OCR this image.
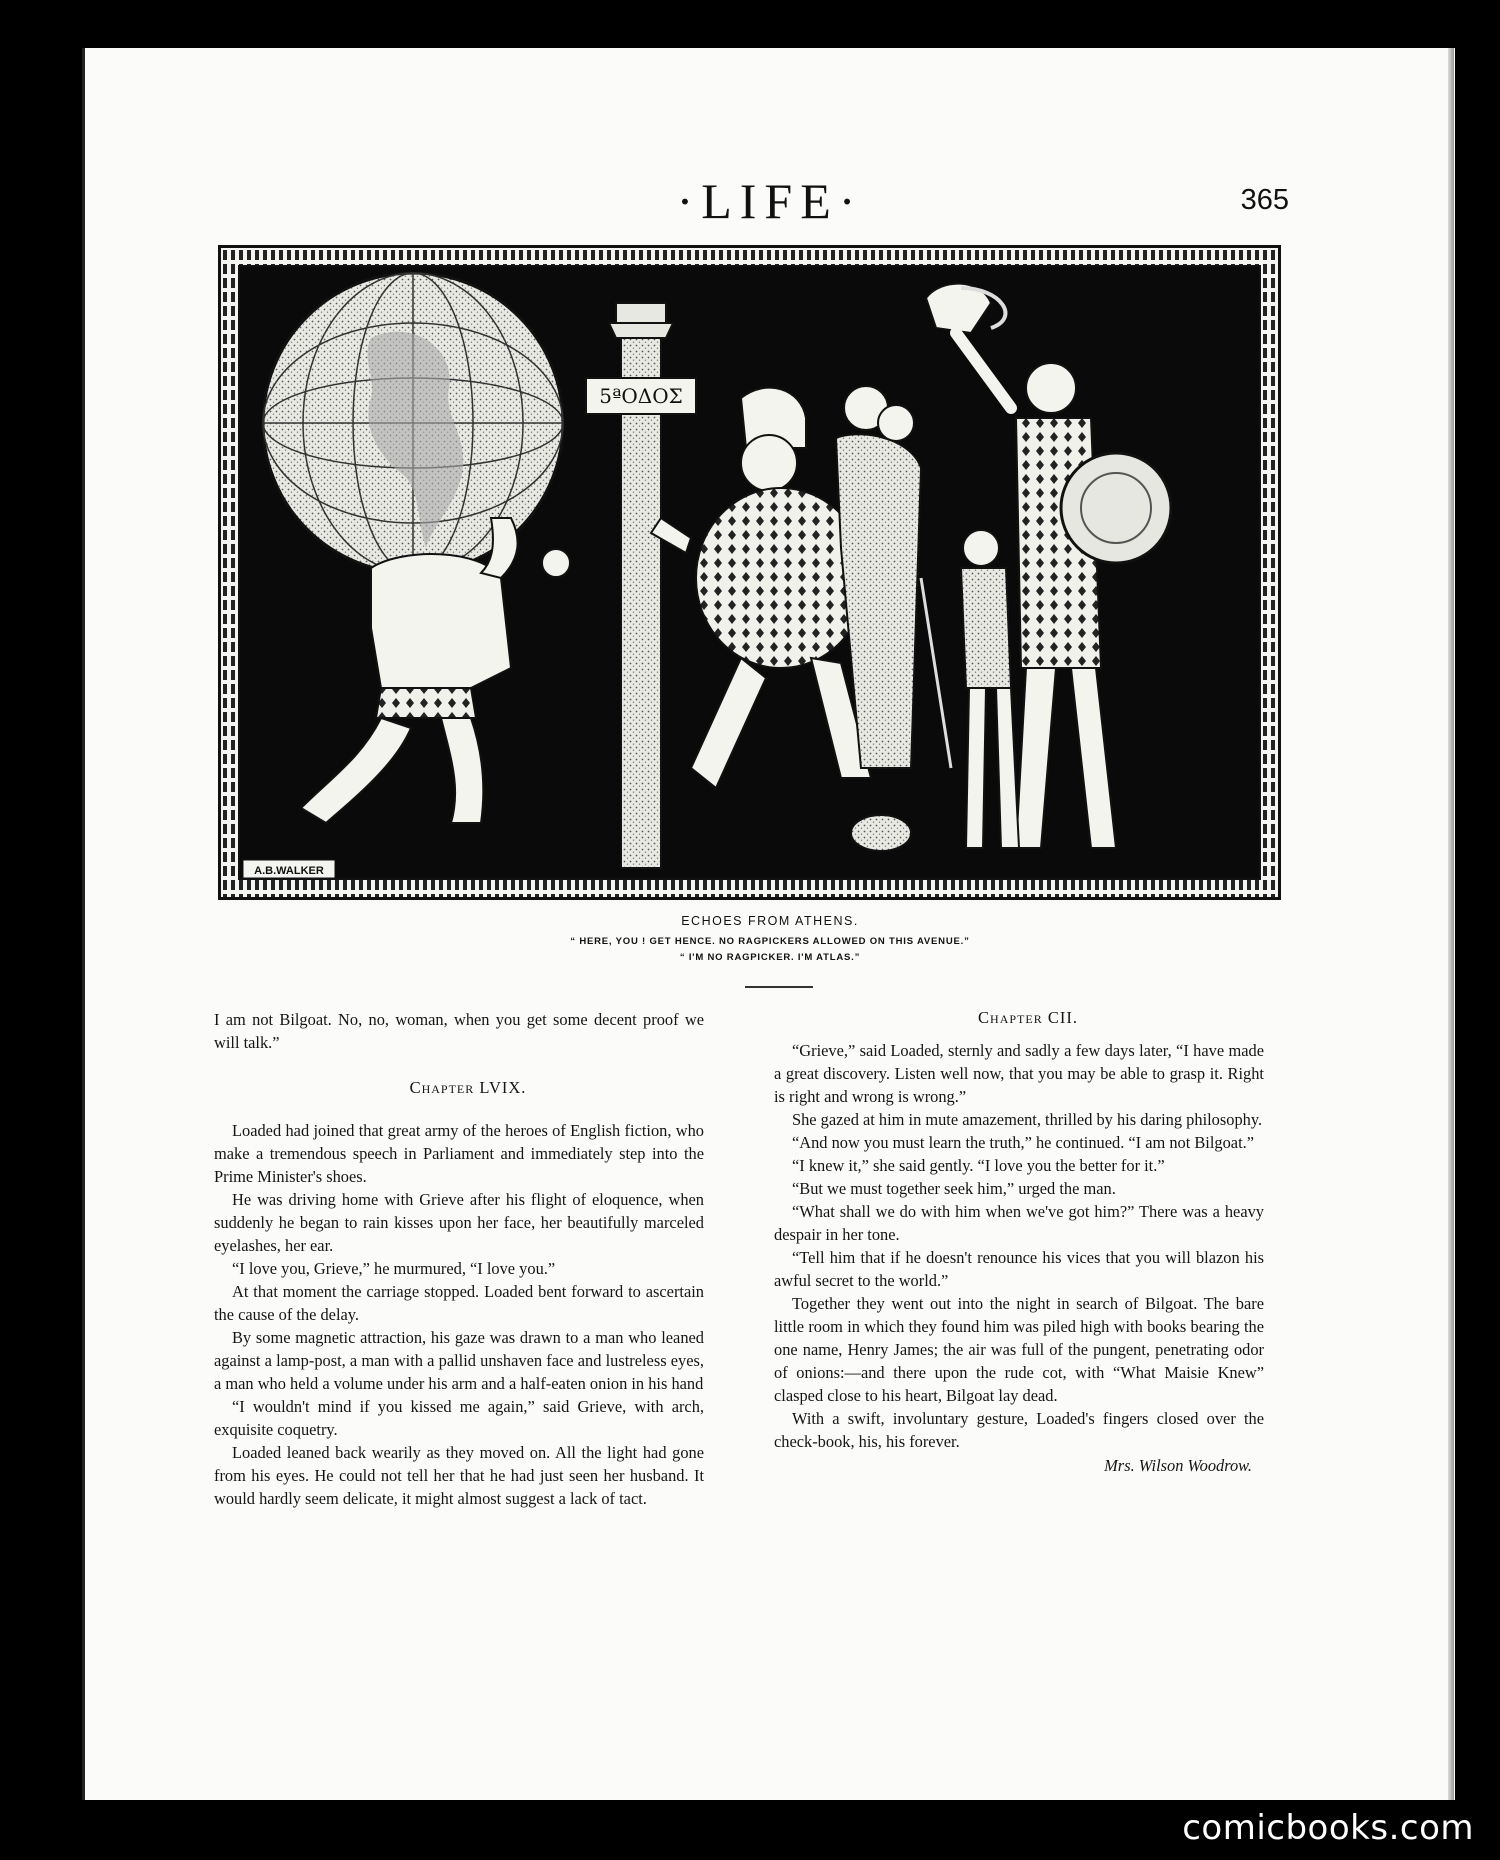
·LIFE·	365
5ªΟΔΟΣ
A.B.WALKER
ECHOES FROM ATHENS.
“ HERE, YOU ! GET HENCE. NO RAGPICKERS ALLOWED ON THIS AVENUE.”
“ I'M NO RAGPICKER. I'M ATLAS.”

I am not Bilgoat. No, no, woman, when you get some decent proof we will talk.”

Chapter LVIX.

Loaded had joined that great army of the heroes of English fiction, who make a tremendous speech in Parliament and immediately step into the Prime Minister's shoes.

He was driving home with Grieve after his flight of eloquence, when suddenly he began to rain kisses upon her face, her beautifully marceled eyelashes, her ear.

“I love you, Grieve,” he murmured, “I love you.”

At that moment the carriage stopped. Loaded bent forward to ascertain the cause of the delay.

By some magnetic attraction, his gaze was drawn to a man who leaned against a lamp-post, a man with a pallid unshaven face and lustreless eyes, a man who held a volume under his arm and a half-eaten onion in his hand

“I wouldn't mind if you kissed me again,” said Grieve, with arch, exquisite coquetry.

Loaded leaned back wearily as they moved on. All the light had gone from his eyes. He could not tell her that he had just seen her husband. It would hardly seem delicate, it might almost suggest a lack of tact.

Chapter CII.

“Grieve,” said Loaded, sternly and sadly a few days later, “I have made a great discovery. Listen well now, that you may be able to grasp it. Right is right and wrong is wrong.”

She gazed at him in mute amazement, thrilled by his daring philosophy.

“And now you must learn the truth,” he continued. “I am not Bilgoat.”

“I knew it,” she said gently. “I love you the better for it.”

“But we must together seek him,” urged the man.

“What shall we do with him when we've got him?” There was a heavy despair in her tone.

“Tell him that if he doesn't renounce his vices that you will blazon his awful secret to the world.”

Together they went out into the night in search of Bilgoat. The bare little room in which they found him was piled high with books bearing the one name, Henry James; the air was full of the pungent, penetrating odor of onions:—and there upon the rude cot, with “What Maisie Knew” clasped close to his heart, Bilgoat lay dead.

With a swift, involuntary gesture, Loaded's fingers closed over the check-book, his, his forever.

Mrs. Wilson Woodrow.
comicbooks.com
